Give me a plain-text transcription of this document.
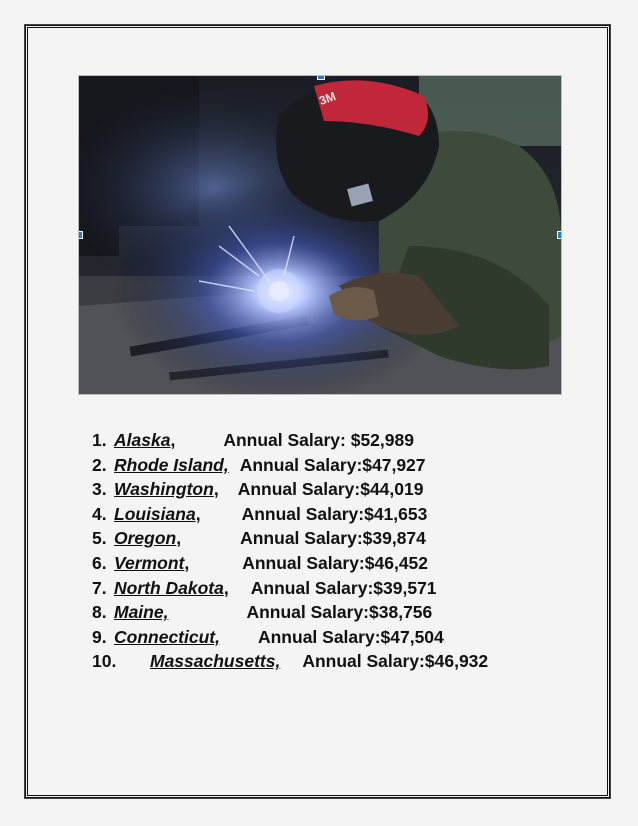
3M
1. Alaska ,	Annual Salary: $52,989
2. Rhode Island, Annual Salary:$47,927
3. Washington , Annual Salary:$44,019
4. Louisiana , Annual Salary:$41,653
5. Oregon ,	Annual Salary:$39,874
6. Vermont ,	Annual Salary:$46,452
7. North Dakota , Annual Salary:$39,571
8. Maine,	Annual Salary:$38,756
9. Connecticut, Annual Salary:$47,504
10.	Massachusetts, Annual Salary:$46,932
